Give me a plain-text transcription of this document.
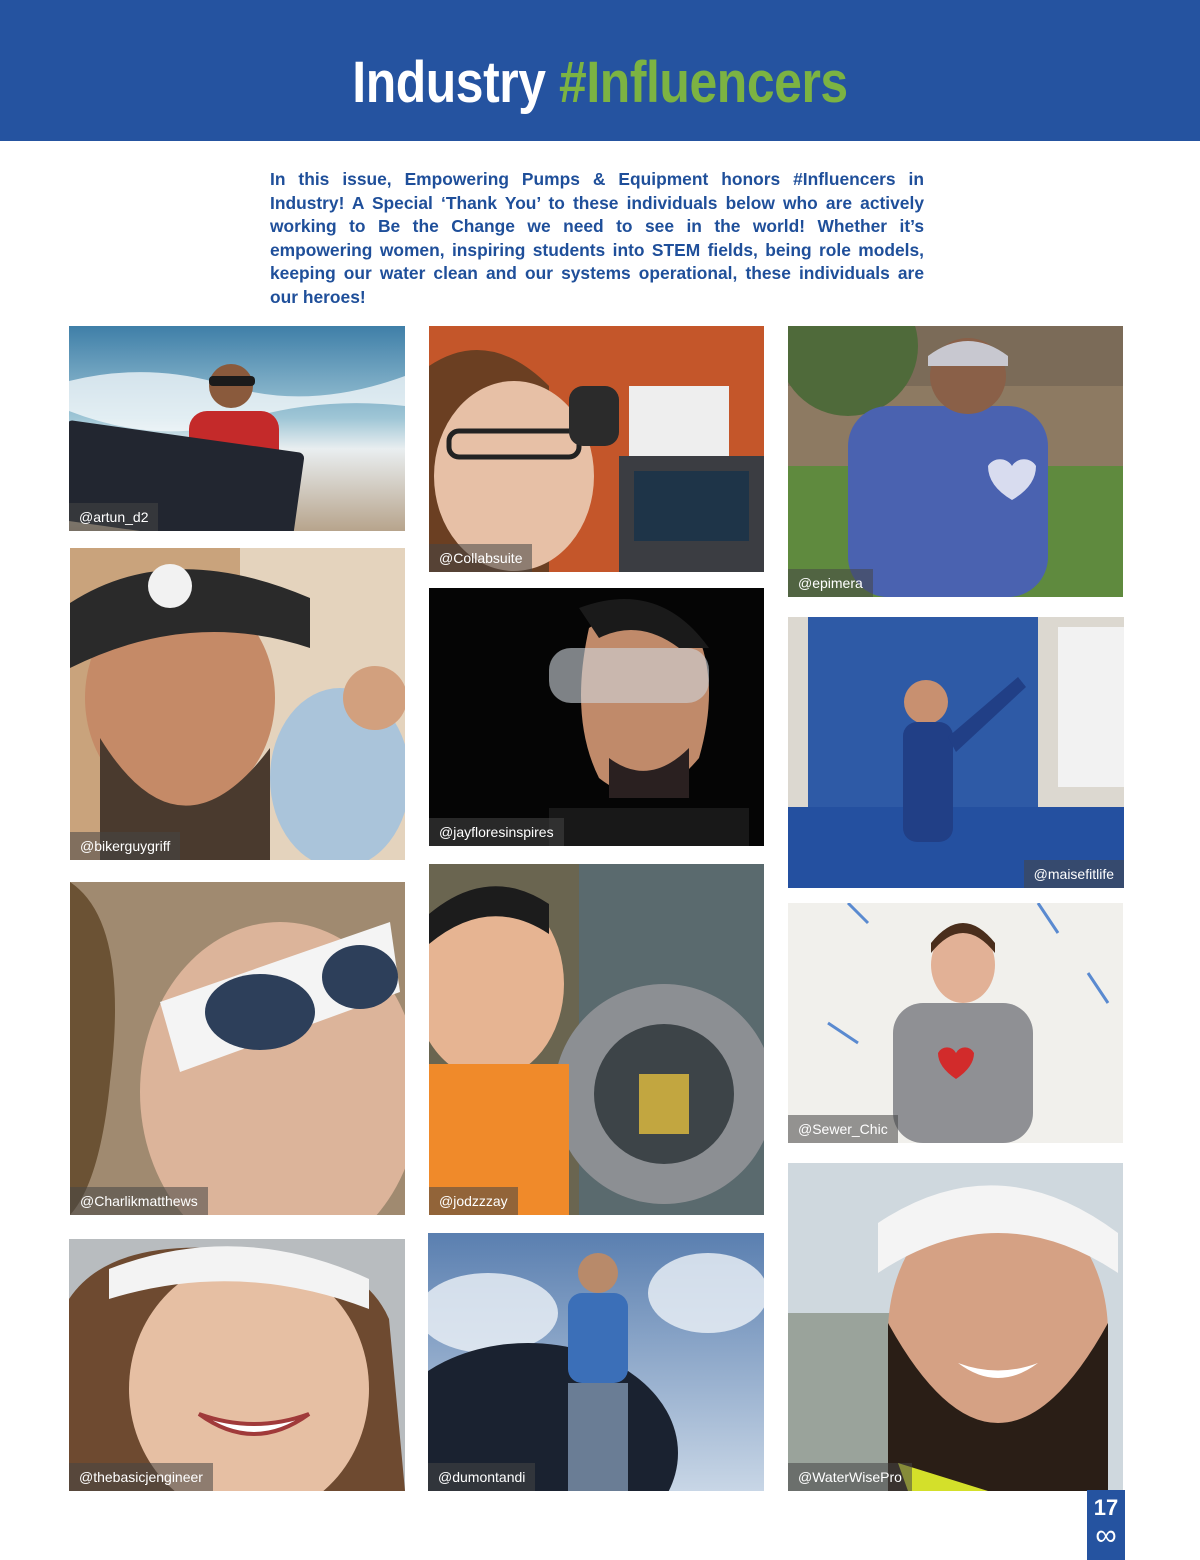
Industry #Influencers

In this issue, Empowering Pumps & Equipment honors #Influencers in Industry! A Special ‘Thank You’ to these individuals below who are actively working to Be the Change we need to see in the world! Whether it’s empowering women, inspiring students into STEM fields, being role models, keeping our water clean and our systems operational, these individuals are our heroes!

@artun_d2
@bikerguygriff
@Charlikmatthews
@thebasicjengineer
@Collabsuite
@jayfloresinspires
@jodzzzay
@dumontandi
@epimera
@maisefitlife
@Sewer_Chic
@WaterWisePro
17
∞
